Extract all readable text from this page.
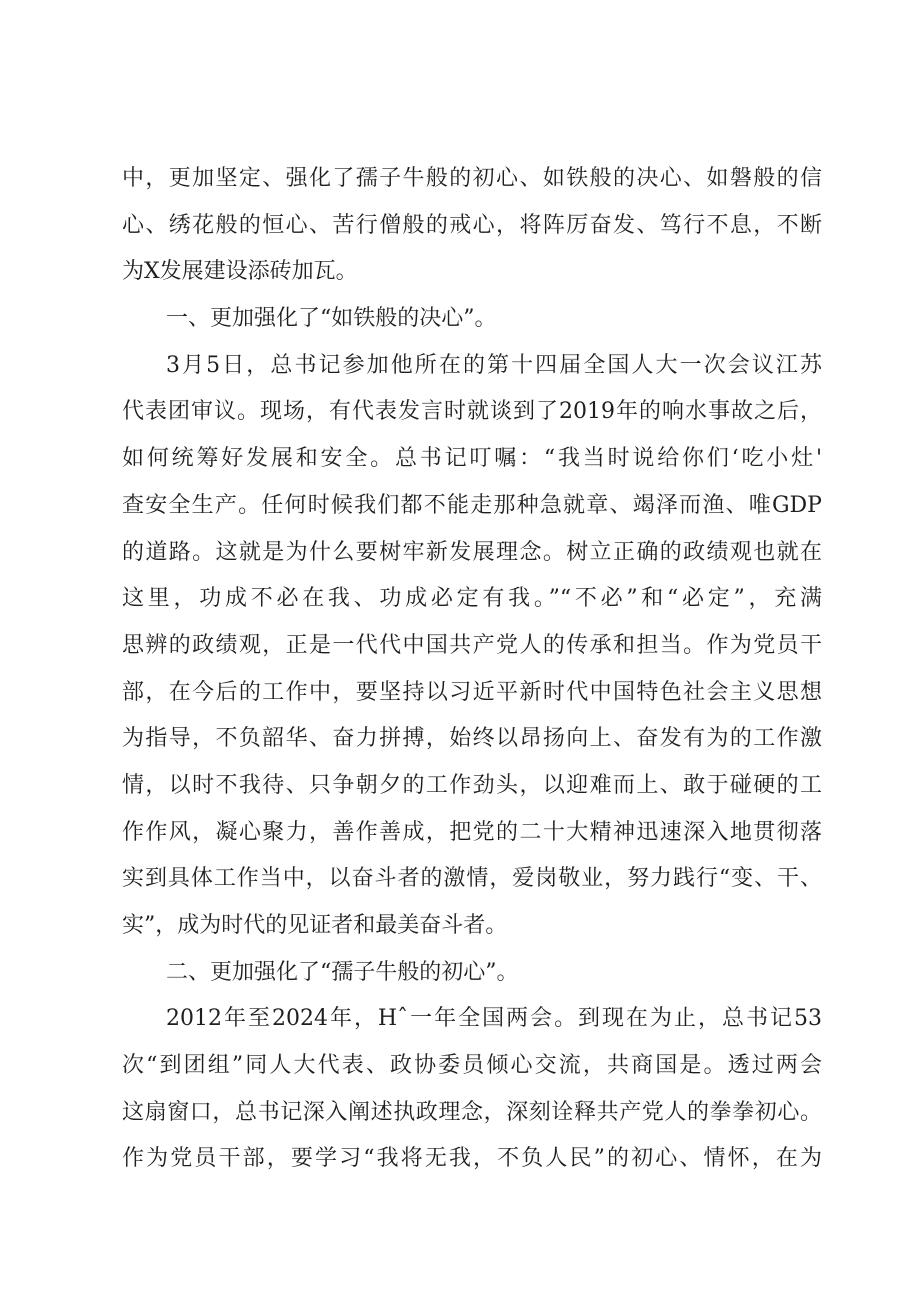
中，更加坚定、强化了孺子牛般的初心、如铁般的决心、如磐般的信
心、绣花般的恒心、苦行僧般的戒心，将阵厉奋发、笃行不息，不断
为X发展建设添砖加瓦。
一、更加强化了“如铁般的决心”。
3月5日，总书记参加他所在的第十四届全国人大一次会议江苏
代表团审议。现场，有代表发言时就谈到了2019年的响水事故之后，
如何统筹好发展和安全。总书记叮嘱：“我当时说给你们‘吃小灶'
查安全生产。任何时候我们都不能走那种急就章、竭泽而渔、唯GDP
的道路。这就是为什么要树牢新发展理念。树立正确的政绩观也就在
这里，功成不必在我、功成必定有我。”“不必”和“必定”，充满
思辨的政绩观，正是一代代中国共产党人的传承和担当。作为党员干
部，在今后的工作中，要坚持以习近平新时代中国特色社会主义思想
为指导，不负韶华、奋力拼搏，始终以昂扬向上、奋发有为的工作激
情，以时不我待、只争朝夕的工作劲头，以迎难而上、敢于碰硬的工
作作风，凝心聚力，善作善成，把党的二十大精神迅速深入地贯彻落
实到具体工作当中，以奋斗者的激情，爱岗敬业，努力践行“变、干、
实”，成为时代的见证者和最美奋斗者。
二、更加强化了“孺子牛般的初心”。
2012年至2024年，Hˆ一年全国两会。到现在为止，总书记53
次“到团组”同人大代表、政协委员倾心交流，共商国是。透过两会
这扇窗口，总书记深入阐述执政理念，深刻诠释共产党人的拳拳初心。
作为党员干部，要学习“我将无我，不负人民”的初心、情怀，在为
